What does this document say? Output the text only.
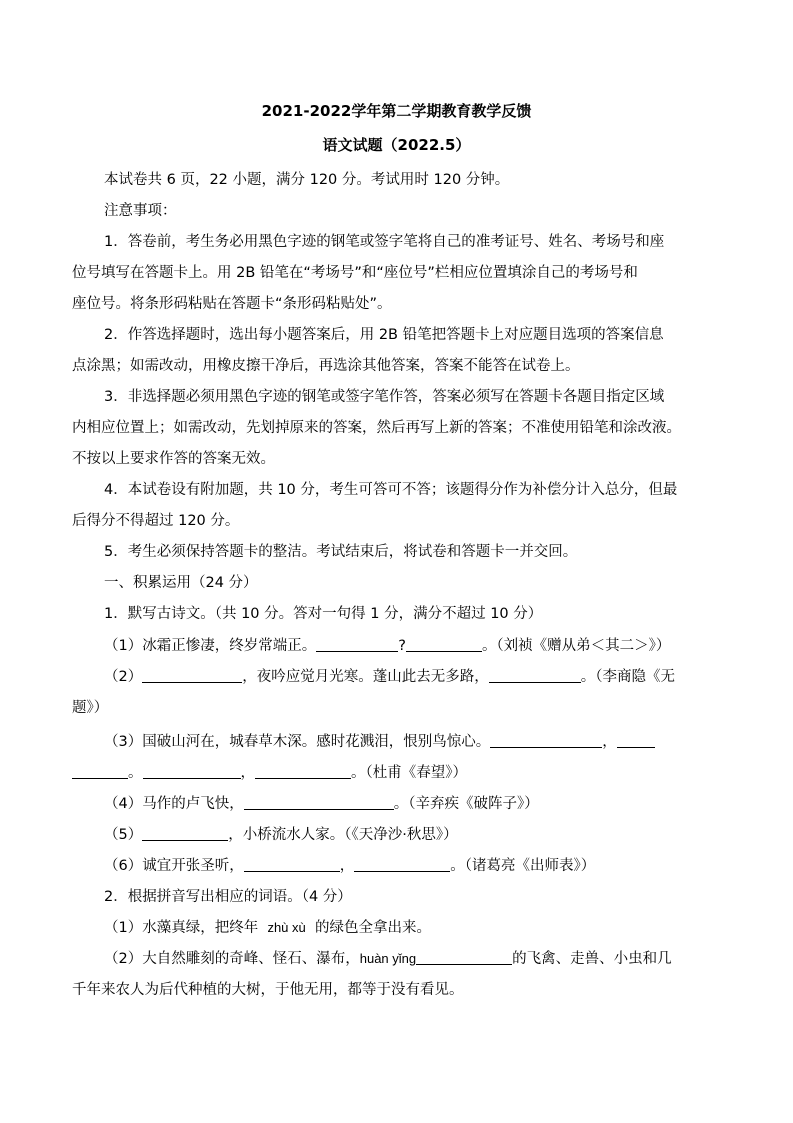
2021-2022学年第二学期教育教学反馈
语文试题（2022.5）
本试卷共 6 页，22 小题，满分 120 分。考试用时 120 分钟。
注意事项：
1．答卷前，考生务必用黑色字迹的钢笔或签字笔将自己的准考证号、姓名、考场号和座
位号填写在答题卡上。用 2B 铅笔在“考场号”和“座位号”栏相应位置填涂自己的考场号和
座位号。将条形码粘贴在答题卡“条形码粘贴处”。
2．作答选择题时，选出每小题答案后，用 2B 铅笔把答题卡上对应题目选项的答案信息
点涂黑；如需改动，用橡皮擦干净后，再选涂其他答案，答案不能答在试卷上。
3．非选择题必须用黑色字迹的钢笔或签字笔作答，答案必须写在答题卡各题目指定区域
内相应位置上；如需改动，先划掉原来的答案，然后再写上新的答案；不准使用铅笔和涂改液。
不按以上要求作答的答案无效。
4．本试卷设有附加题，共 10 分，考生可答可不答；该题得分作为补偿分计入总分，但最
后得分不得超过 120 分。
5．考生必须保持答题卡的整洁。考试结束后，将试卷和答题卡一并交回。
一、积累运用（24 分）
1．默写古诗文。（共 10 分。答对一句得 1 分，满分不超过 10 分）
（1）冰霜正惨凄，终岁常端正。	?	。（刘祯《赠从弟＜其二＞》）
（2）	，夜吟应觉月光寒。蓬山此去无多路，	。（李商隐《无
题》）
（3）国破山河在，城春草木深。感时花溅泪，恨别鸟惊心。	，
。	，	。（杜甫《春望》）
（4）马作的卢飞快，	。（辛弃疾《破阵子》）
（5）	，小桥流水人家。（《天净沙·秋思》）
（6）诚宜开张圣听，	，	。（诸葛亮《出师表》）
2．根据拼音写出相应的词语。（4 分）
（1）水藻真绿，把终年 zhù xù 的绿色全拿出来。
（2）大自然雕刻的奇峰、怪石、瀑布，huàn yǐng	的飞禽、走兽、小虫和几
千年来农人为后代种植的大树，于他无用，都等于没有看见。
